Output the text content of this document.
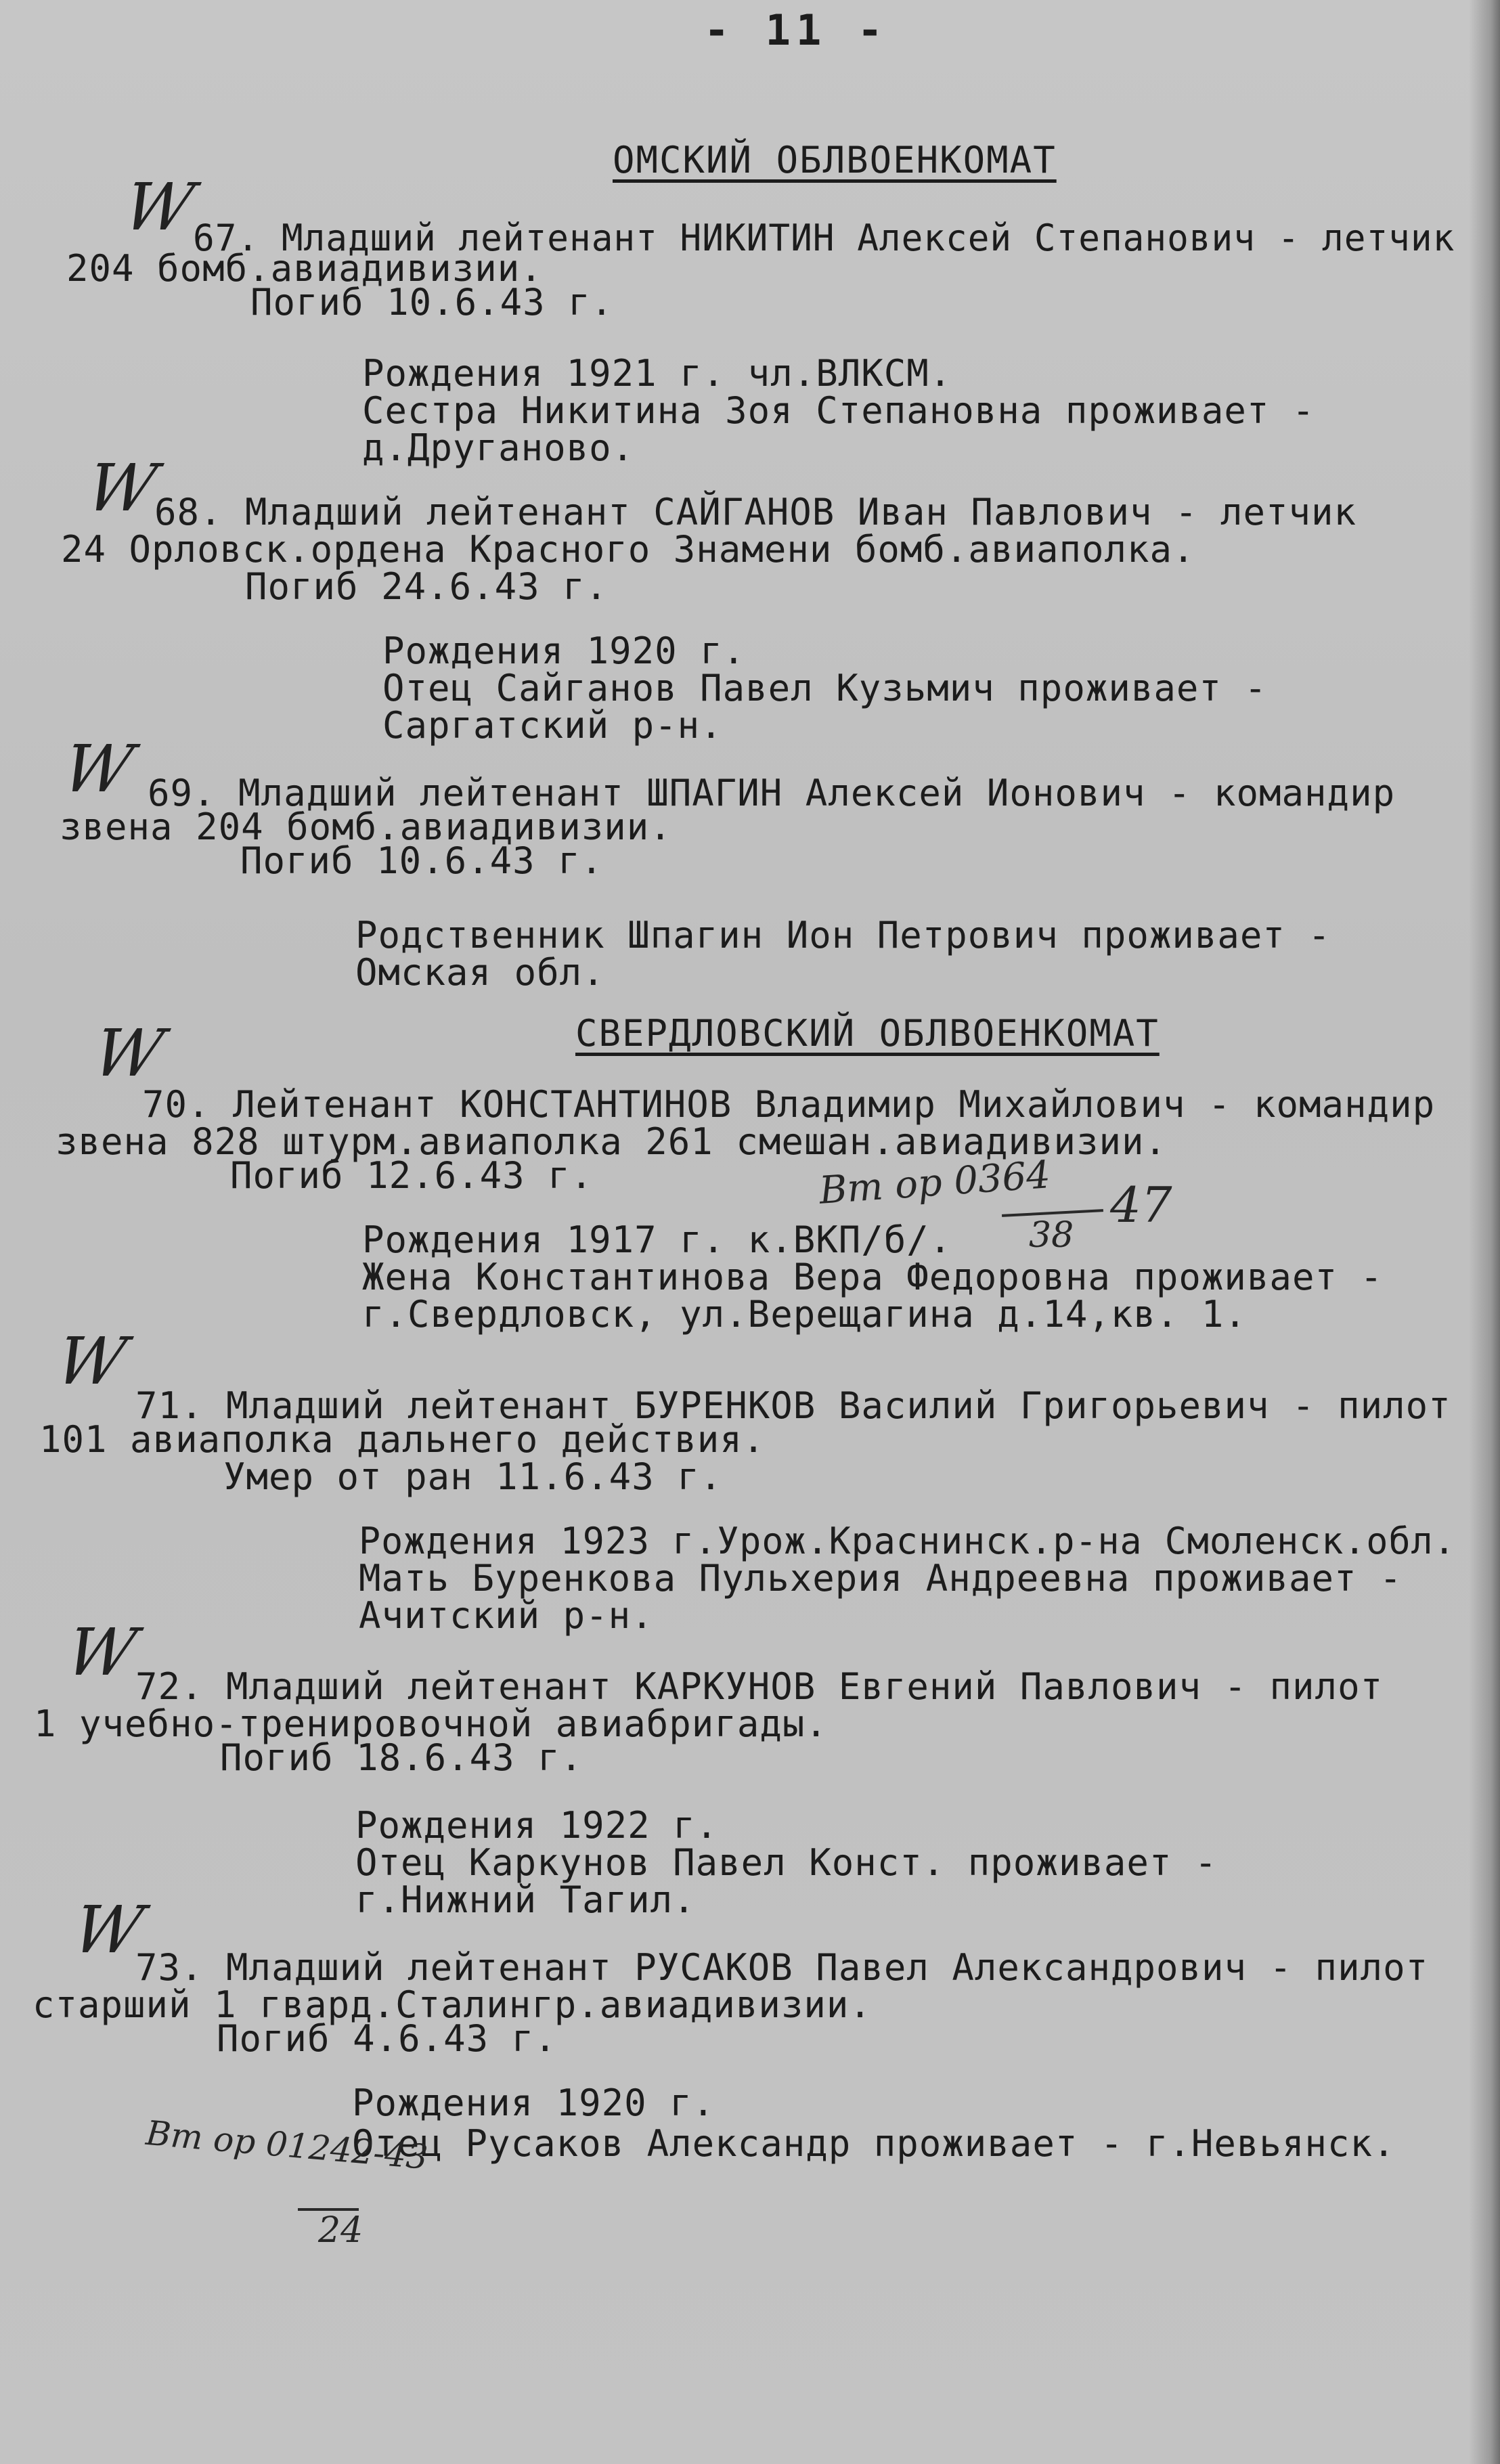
- 11 -
ОМСКИЙ ОБЛВОЕНКОМАТ
W
67. Младший лейтенант НИКИТИН Алексей Степанович - летчик
204 бомб.авиадивизии.
Погиб 10.6.43 г.
Рождения 1921 г. чл.ВЛКСМ.
Сестра Никитина Зоя Степановна проживает -
д.Друганово.
W
68. Младший лейтенант САЙГАНОВ Иван Павлович - летчик
24 Орловск.ордена Красного Знамени бомб.авиаполка.
Погиб 24.6.43 г.
Рождения 1920 г.
Отец Сайганов Павел Кузьмич проживает -
Саргатский р-н.
W 69. Младший лейтенант ШПАГИН Алексей Ионович - командир
звена 204 бомб.авиадивизии.
Погиб 10.6.43 г.
Родственник Шпагин Ион Петрович проживает -
Омская обл.
СВЕРДЛОВСКИЙ ОБЛВОЕНКОМАТ
W
70. Лейтенант КОНСТАНТИНОВ Владимир Михайлович - командир
звена 828 штурм.авиаполка 261 смешан.авиадивизии.
Погиб 12.6.43 г.
Рождения 1917 г. к.ВКП/б/.
Жена Константинова Вера Федоровна проживает -
г.Свердловск, ул.Верещагина д.14,кв. 1.
Вт ор 0364
38
47
W
71. Младший лейтенант БУРЕНКОВ Василий Григорьевич - пилот
101 авиаполка дальнего действия.
Умер от ран 11.6.43 г.
Рождения 1923 г.Урож.Краснинск.р-на Смоленск.обл.
Мать Буренкова Пульхерия Андреевна проживает -
Ачитский р-н.
W
72. Младший лейтенант КАРКУНОВ Евгений Павлович - пилот
1 учебно-тренировочной авиабригады.
Погиб 18.6.43 г.
Рождения 1922 г.
Отец Каркунов Павел Конст. проживает -
г.Нижний Тагил.
W
73. Младший лейтенант РУСАКОВ Павел Александрович - пилот
старший 1 гвард.Сталингр.авиадивизии.
Погиб 4.6.43 г.
Рождения 1920 г.
Отец Русаков Александр проживает - г.Невьянск.
Вт ор 01242-43
24
